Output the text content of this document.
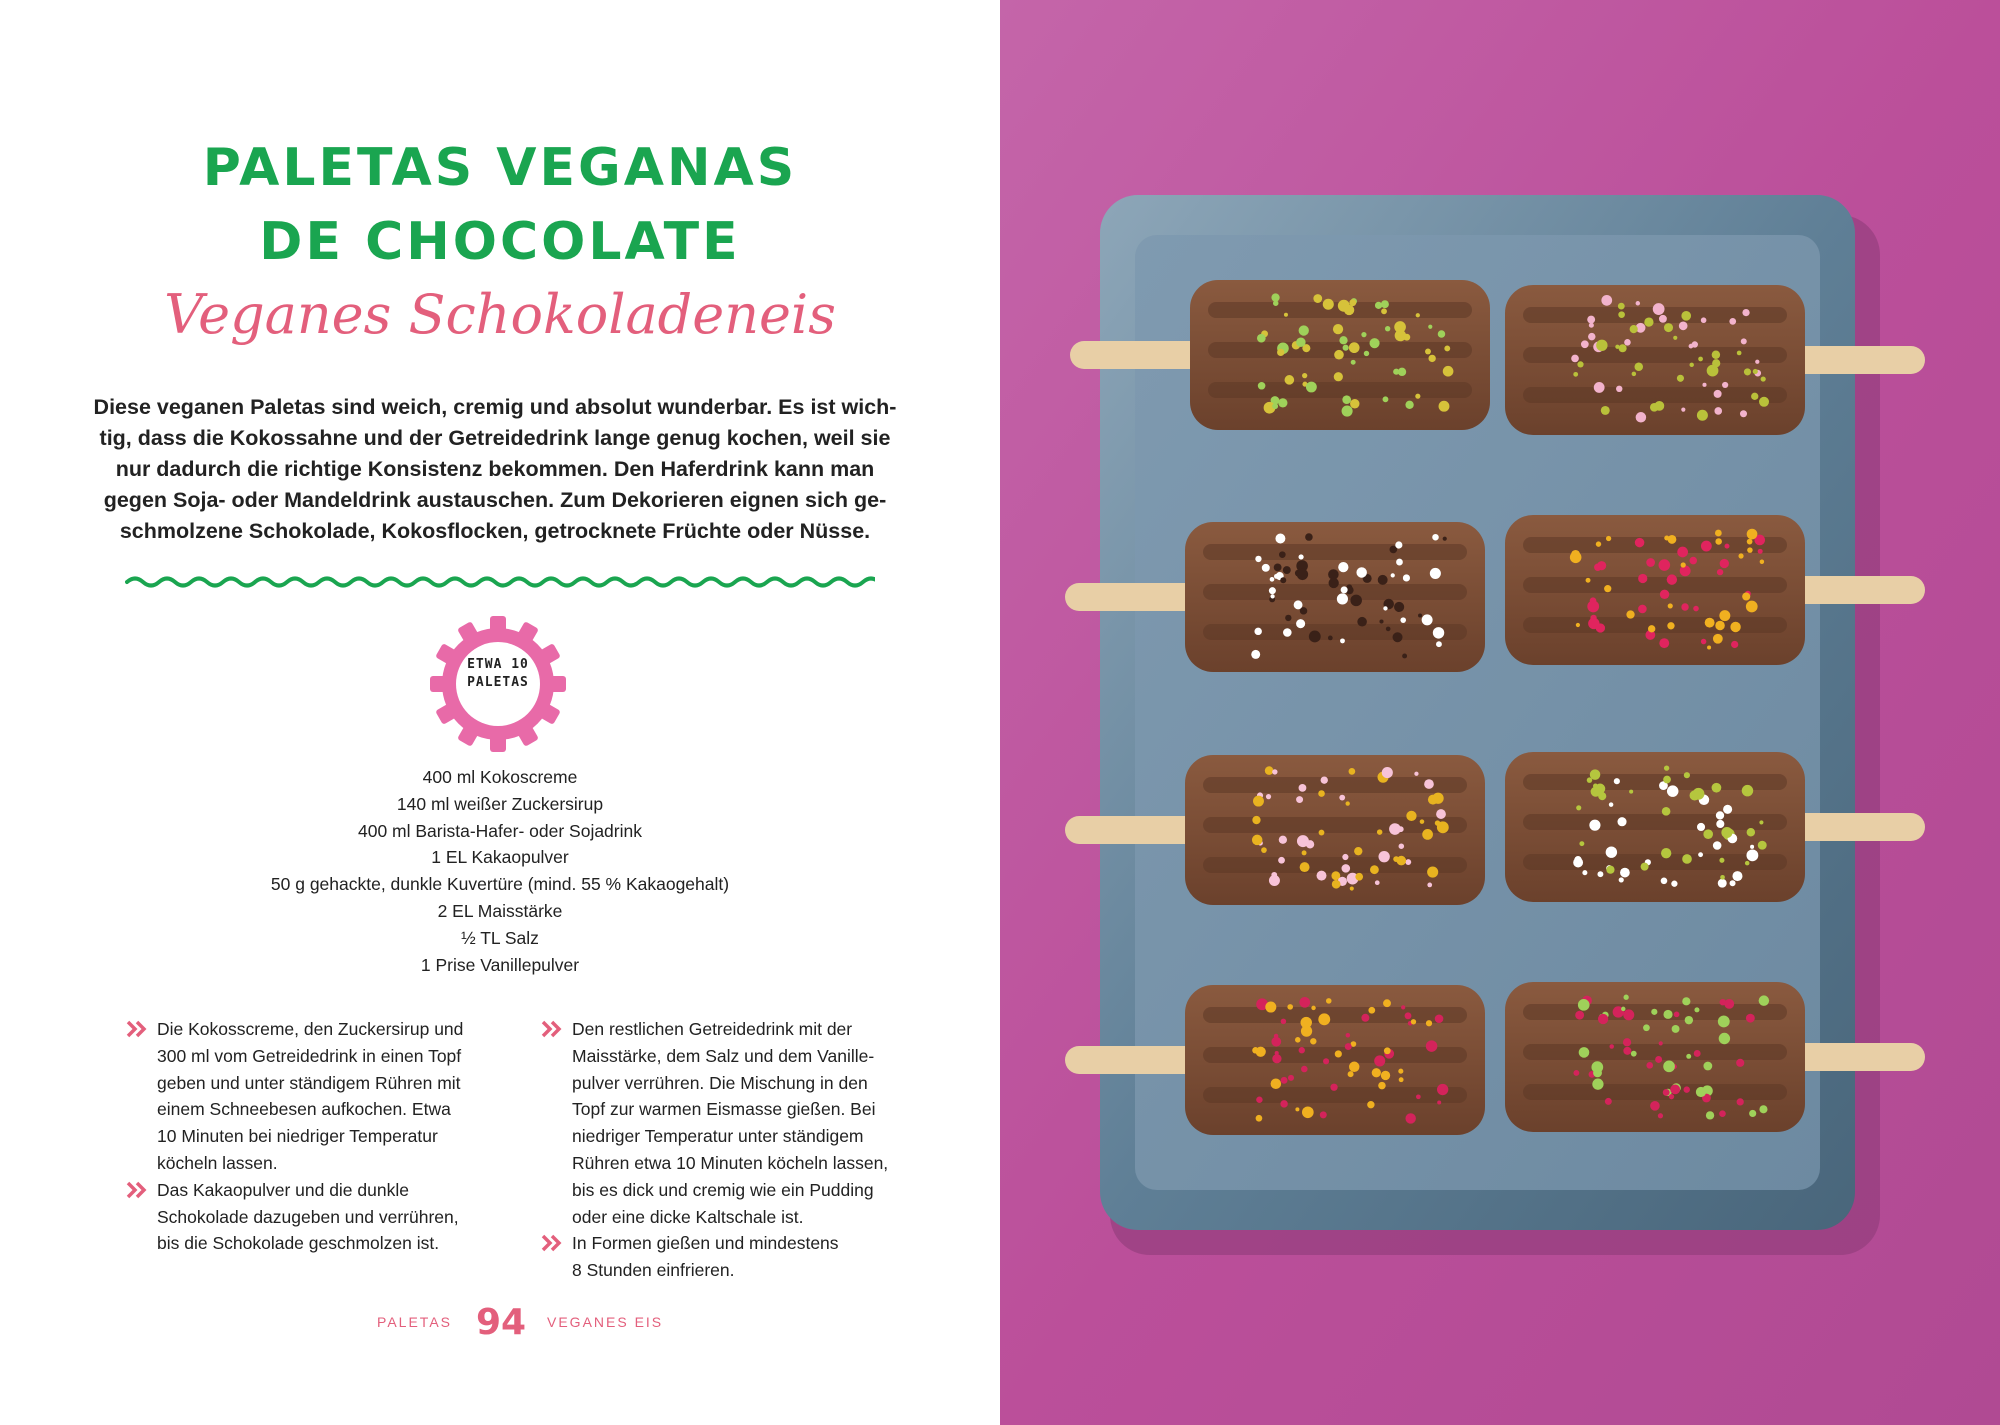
PALETAS VEGANAS
DE CHOCOLATE
Veganes Schokoladeneis
Diese veganen Paletas sind weich, cremig und absolut wunderbar. Es ist wich-
tig, dass die Kokossahne und der Getreidedrink lange genug kochen, weil sie
nur dadurch die richtige Konsistenz bekommen. Den Haferdrink kann man
gegen Soja- oder Mandeldrink austauschen. Zum Dekorieren eignen sich ge-
schmolzene Schokolade, Kokosflocken, getrocknete Früchte oder Nüsse.
ETWA 10
PALETAS
400 ml Kokoscreme
140 ml weißer Zuckersirup
400 ml Barista-Hafer- oder Sojadrink
1 EL Kakaopulver
50 g gehackte, dunkle Kuvertüre (mind. 55 % Kakaogehalt)
2 EL Maisstärke
½ TL Salz
1 Prise Vanillepulver
Die Kokosscreme, den Zuckersirup und
300 ml vom Getreidedrink in einen Topf
geben und unter ständigem Rühren mit
einem Schneebesen aufkochen. Etwa
10 Minuten bei niedriger Temperatur
köcheln lassen.
Das Kakaopulver und die dunkle
Schokolade dazugeben und verrühren,
bis die Schokolade geschmolzen ist.
Den restlichen Getreidedrink mit der
Maisstärke, dem Salz und dem Vanille-
pulver verrühren. Die Mischung in den
Topf zur warmen Eismasse gießen. Bei
niedriger Temperatur unter ständigem
Rühren etwa 10 Minuten köcheln lassen,
bis es dick und cremig wie ein Pudding
oder eine dicke Kaltschale ist.
In Formen gießen und mindestens
8 Stunden einfrieren.
PALETAS 94 VEGANES EIS
